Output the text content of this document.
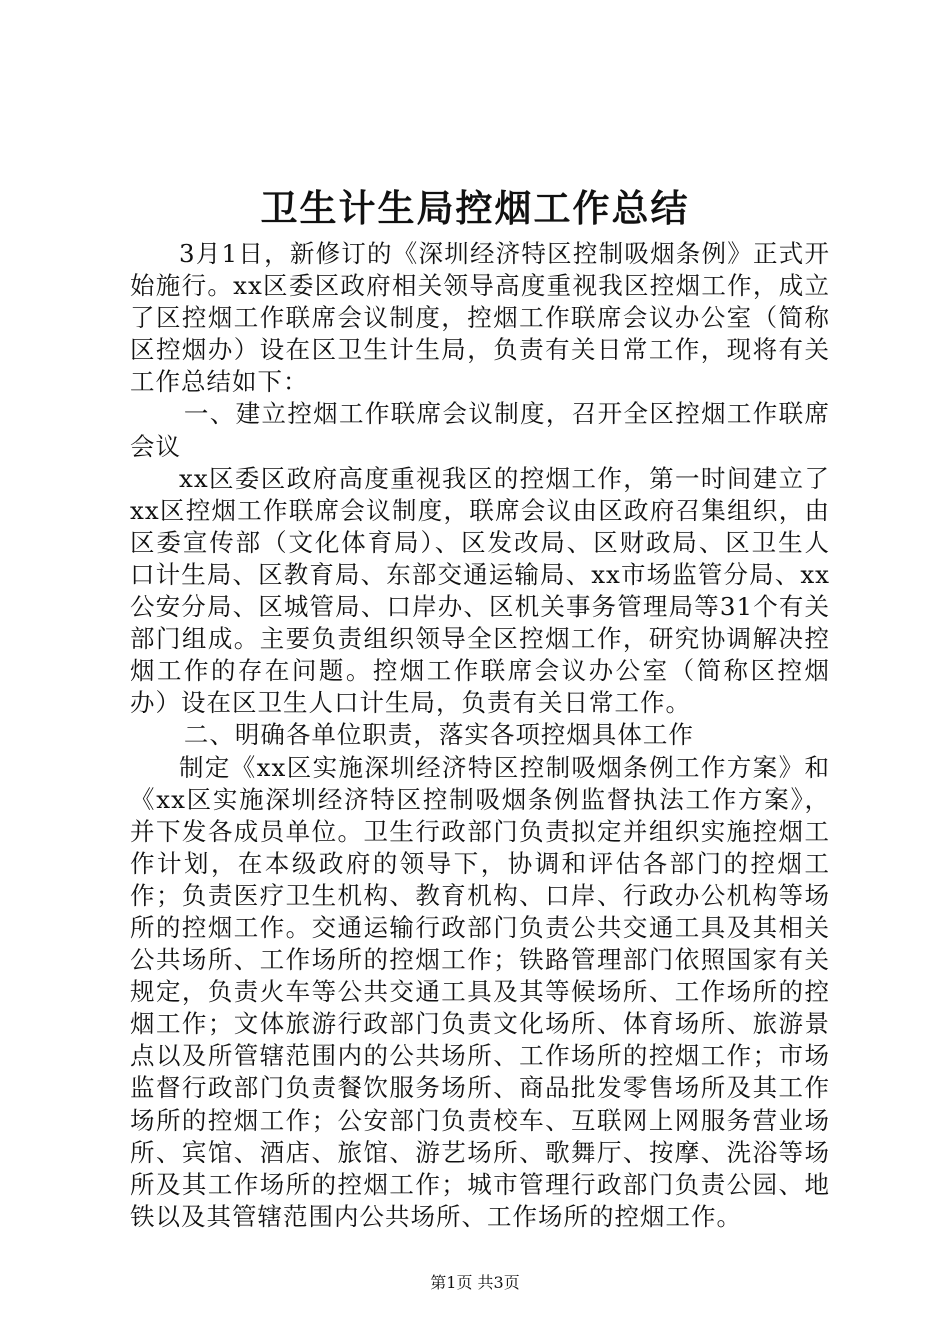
卫生计生局控烟工作总结

3月1日，新修订的《深圳经济特区控制吸烟条例》正式开始施行。xx区委区政府相关领导高度重视我区控烟工作，成立了区控烟工作联席会议制度，控烟工作联席会议办公室（简称区控烟办）设在区卫生计生局，负责有关日常工作，现将有关工作总结如下：

一、建立控烟工作联席会议制度，召开全区控烟工作联席会议

xx区委区政府高度重视我区的控烟工作，第一时间建立了xx区控烟工作联席会议制度，联席会议由区政府召集组织，由区委宣传部（文化体育局）、区发改局、区财政局、区卫生人口计生局、区教育局、东部交通运输局、xx市场监管分局、xx公安分局、区城管局、口岸办、区机关事务管理局等31个有关部门组成。主要负责组织领导全区控烟工作，研究协调解决控烟工作的存在问题。控烟工作联席会议办公室（简称区控烟办）设在区卫生人口计生局，负责有关日常工作。

二、明确各单位职责，落实各项控烟具体工作

制定《xx区实施深圳经济特区控制吸烟条例工作方案》和《xx区实施深圳经济特区控制吸烟条例监督执法工作方案》，并下发各成员单位。卫生行政部门负责拟定并组织实施控烟工作计划，在本级政府的领导下，协调和评估各部门的控烟工作；负责医疗卫生机构、教育机构、口岸、行政办公机构等场所的控烟工作。交通运输行政部门负责公共交通工具及其相关公共场所、工作场所的控烟工作；铁路管理部门依照国家有关规定，负责火车等公共交通工具及其等候场所、工作场所的控烟工作；文体旅游行政部门负责文化场所、体育场所、旅游景点以及所管辖范围内的公共场所、工作场所的控烟工作；市场监督行政部门负责餐饮服务场所、商品批发零售场所及其工作场所的控烟工作；公安部门负责校车、互联网上网服务营业场所、宾馆、酒店、旅馆、游艺场所、歌舞厅、按摩、洗浴等场所及其工作场所的控烟工作；城市管理行政部门负责公园、地铁以及其管辖范围内公共场所、工作场所的控烟工作。

第1页 共3页
